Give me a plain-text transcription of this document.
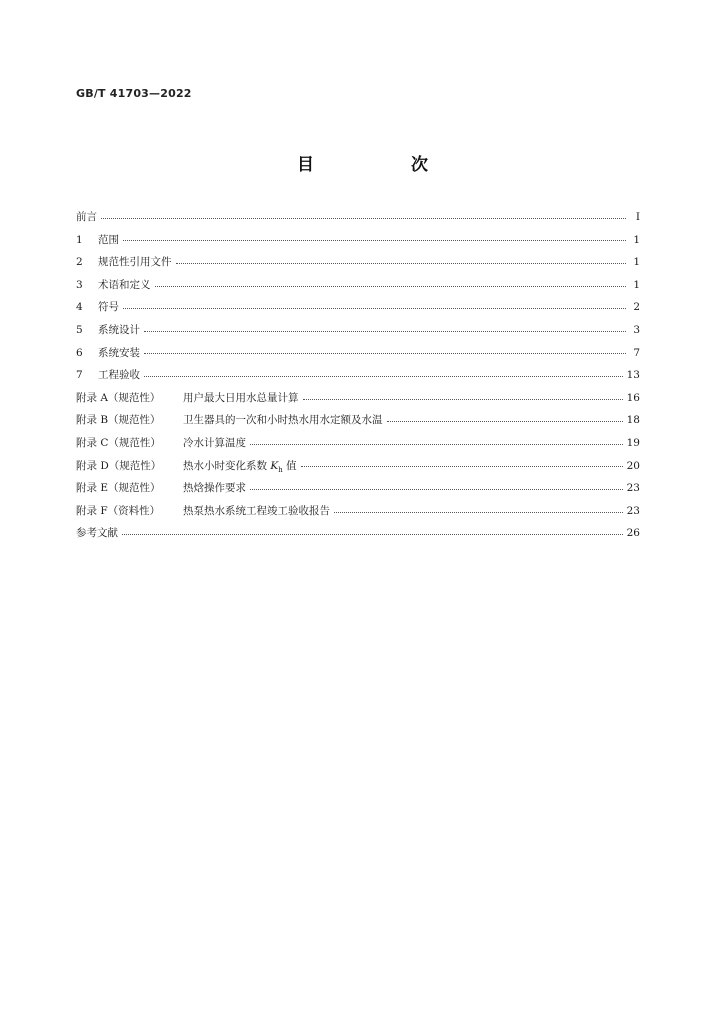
GB/T 41703—2022
目　次
前言	Ⅰ
1	范围	1
2	规范性引用文件	1
3	术语和定义	1
4	符号	2
5	系统设计	3
6	系统安装	7
7	工程验收	13
附录 A（规范性）	用户最大日用水总量计算	16
附录 B（规范性）	卫生器具的一次和小时热水用水定额及水温	18
附录 C（规范性）	冷水计算温度	19
附录 D（规范性）	热水小时变化系数 $K_h$ 值	20
附录 E（规范性）	热焓操作要求	23
附录 F（资料性）	热泵热水系统工程竣工验收报告	23
参考文献	26
